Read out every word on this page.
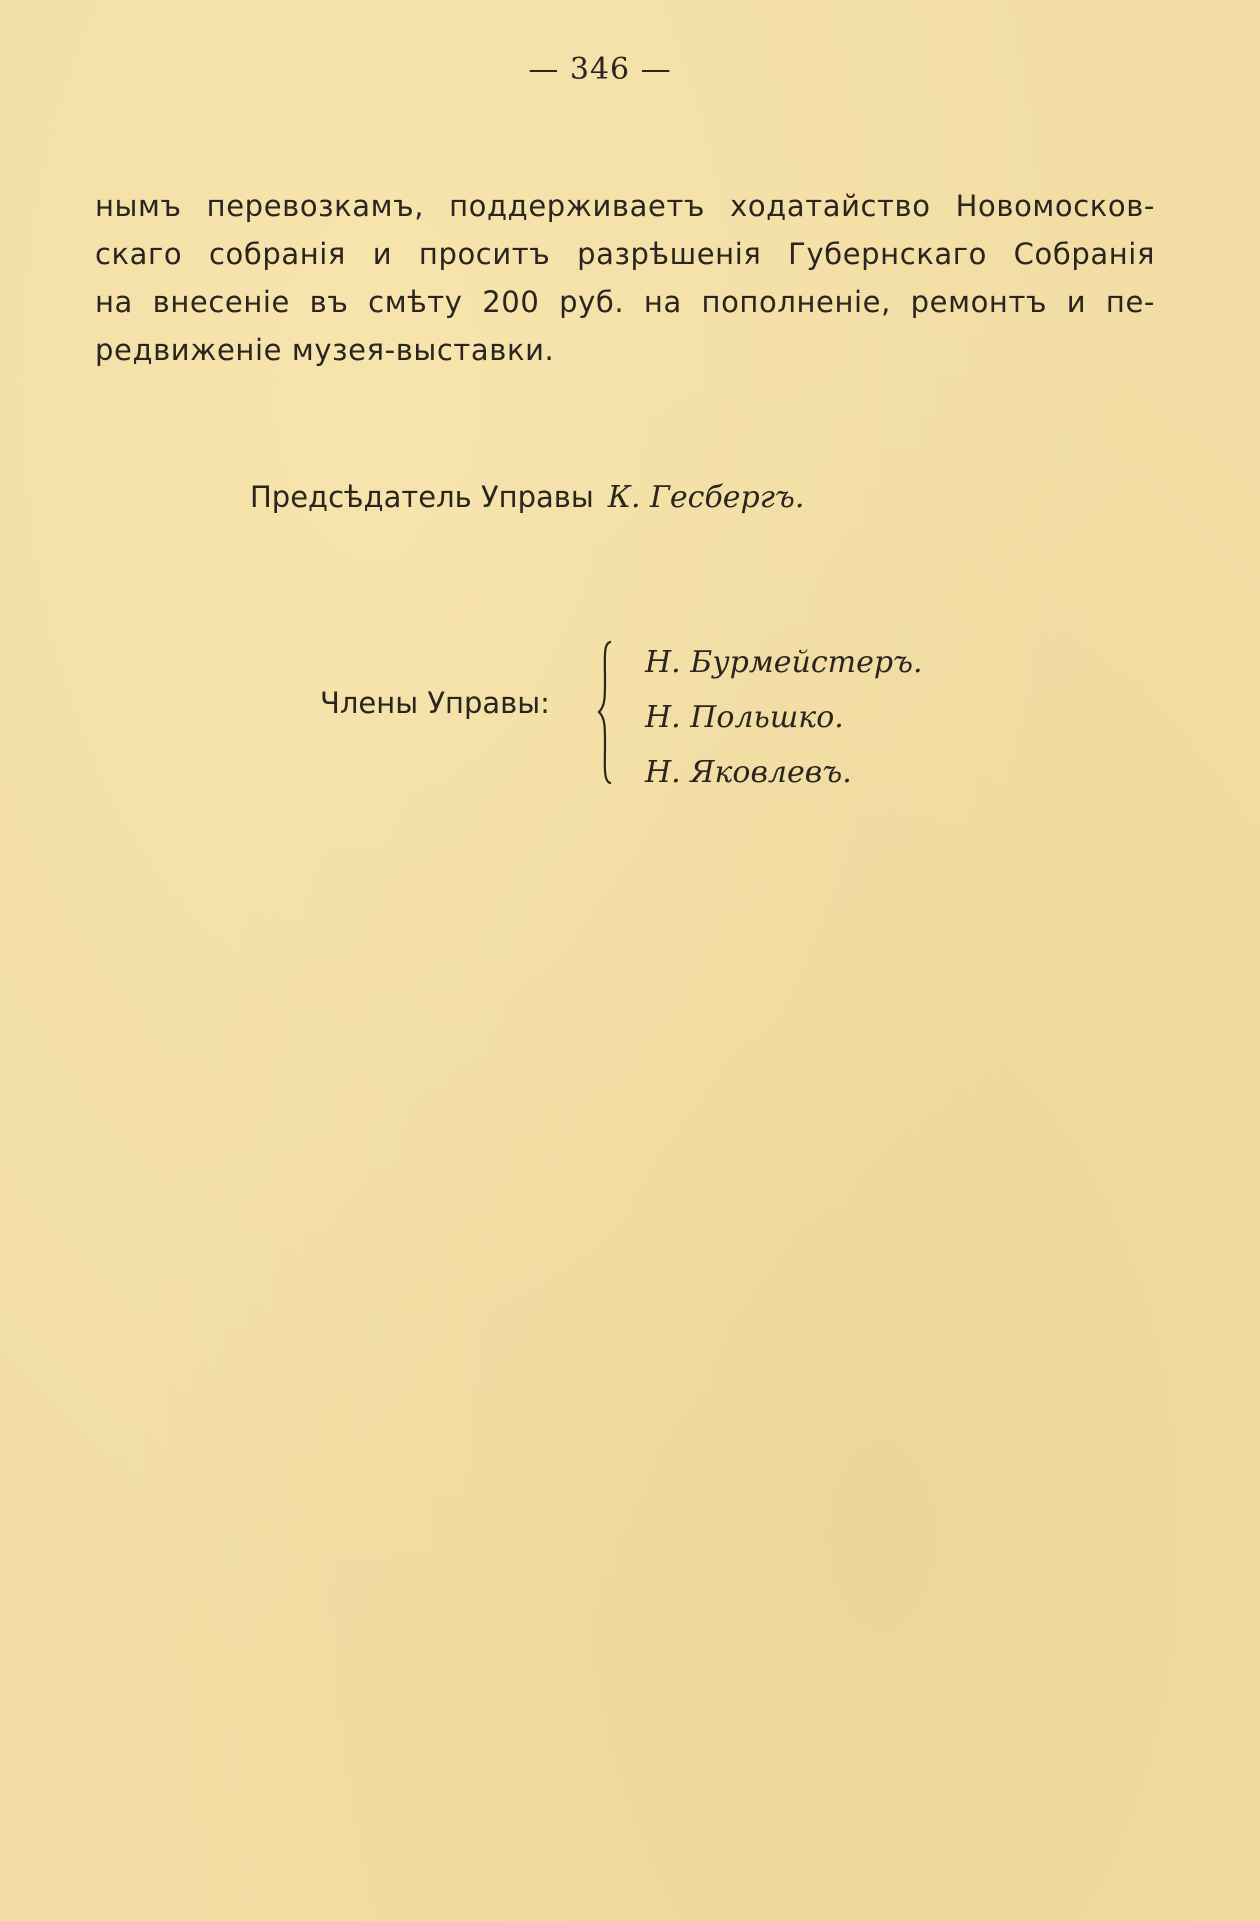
— 346 —
нымъ перевозкамъ, поддерживаетъ ходатайство Новомосков-
скаго собранія и проситъ разрѣшенія Губернскаго Собранія
на внесеніе въ смѣту 200 руб. на пополненіе, ремонтъ и пе-
редвиженіе музея-выставки.
Предсѣдатель Управы К. Гесбергъ.
Члены Управы:
Н. Бурмейстеръ.
Н. Польшко.
Н. Яковлевъ.
